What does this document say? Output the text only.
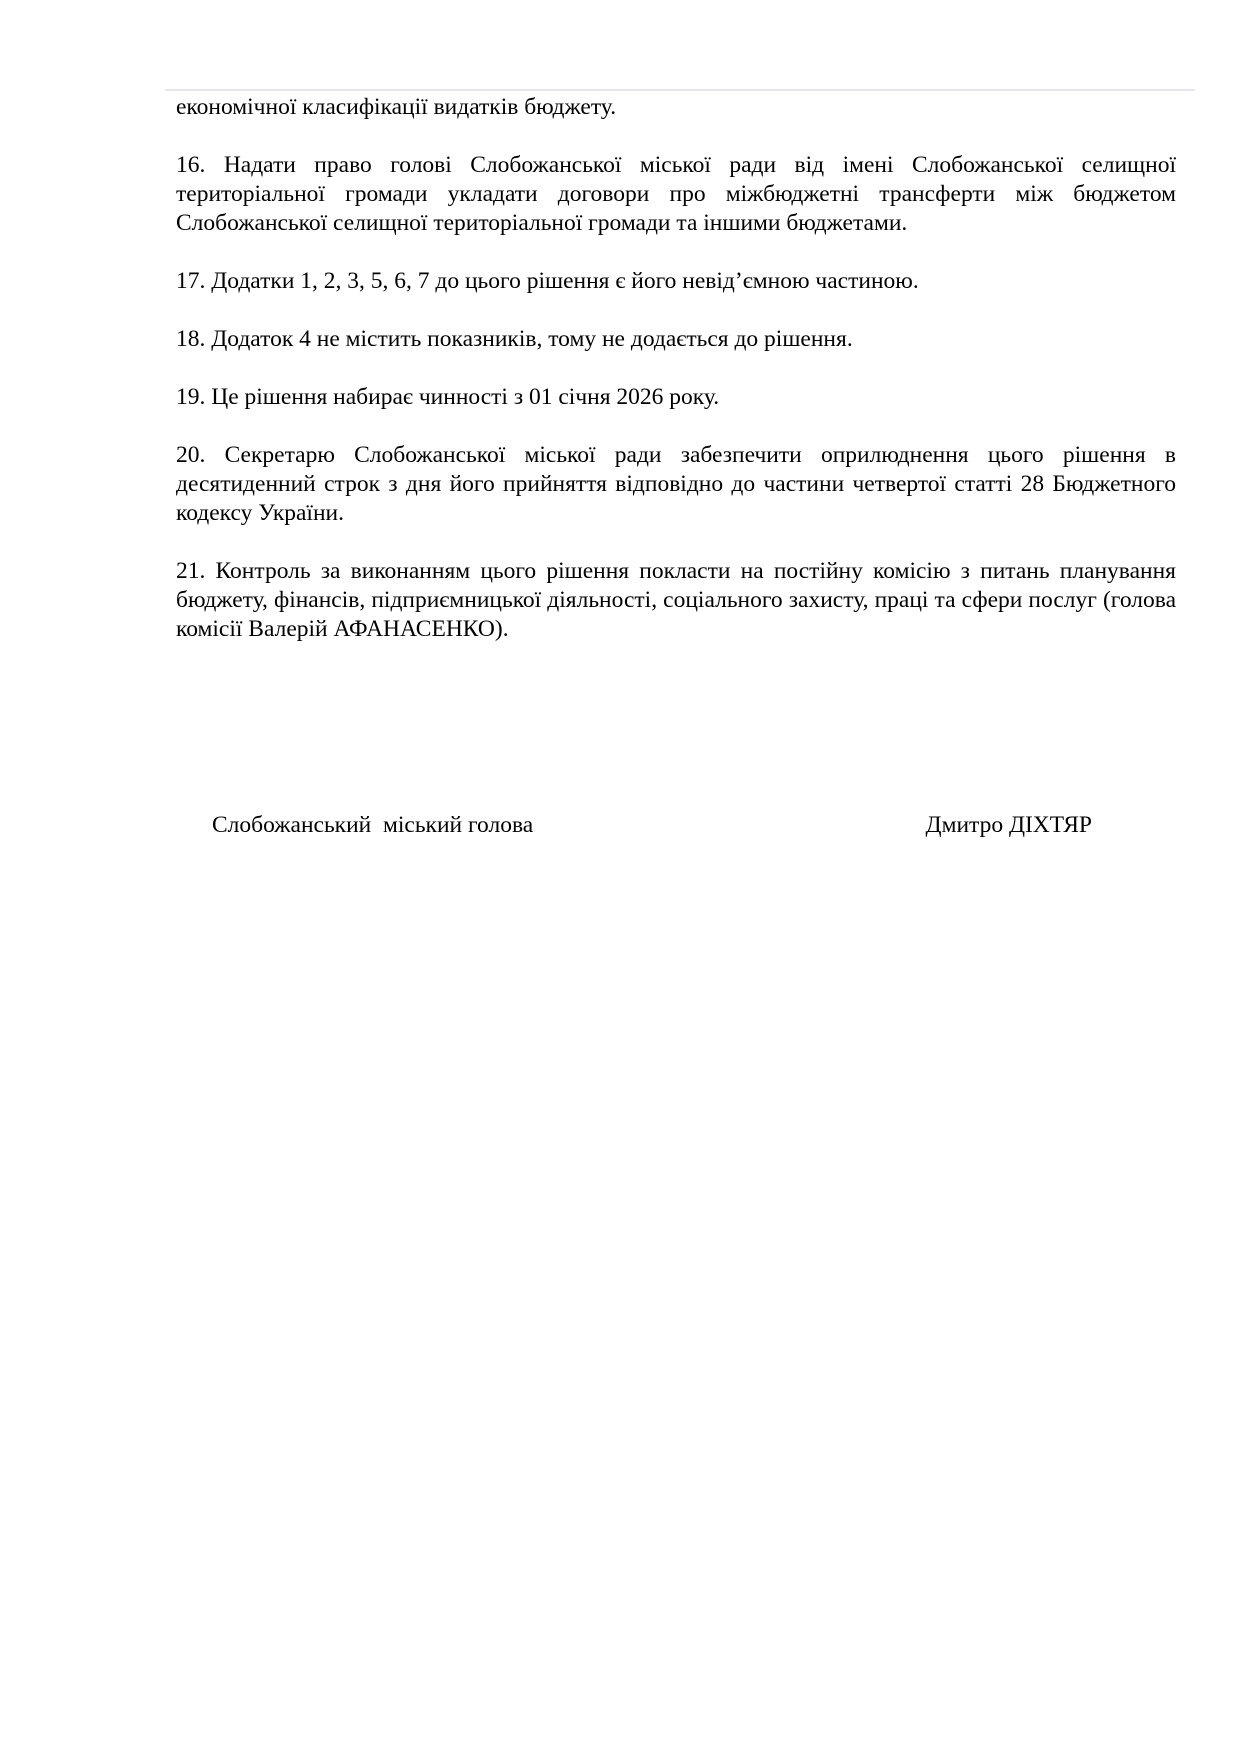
економічної класифікації видатків бюджету.

16. Надати право голові Слобожанської міської ради від імені Слобожанської селищної територіальної громади укладати договори про міжбюджетні трансферти між бюджетом Слобожанської селищної територіальної громади та іншими бюджетами.

17. Додатки 1, 2, 3, 5, 6, 7 до цього рішення є його невід’ємною частиною.

18. Додаток 4 не містить показників, тому не додається до рішення.

19. Це рішення набирає чинності з 01 січня 2026 року.

20. Секретарю Слобожанської міської ради забезпечити оприлюднення цього рішення в десятиденний строк з дня його прийняття відповідно до частини четвертої статті 28 Бюджетного кодексу України.

21. Контроль за виконанням цього рішення покласти на постійну комісію з питань планування бюджету, фінансів, підприємницької діяльності, соціального захисту, праці та сфери послуг (голова комісії Валерій АФАНАСЕНКО).

Слобожанський  міський голова	Дмитро ДІХТЯР
